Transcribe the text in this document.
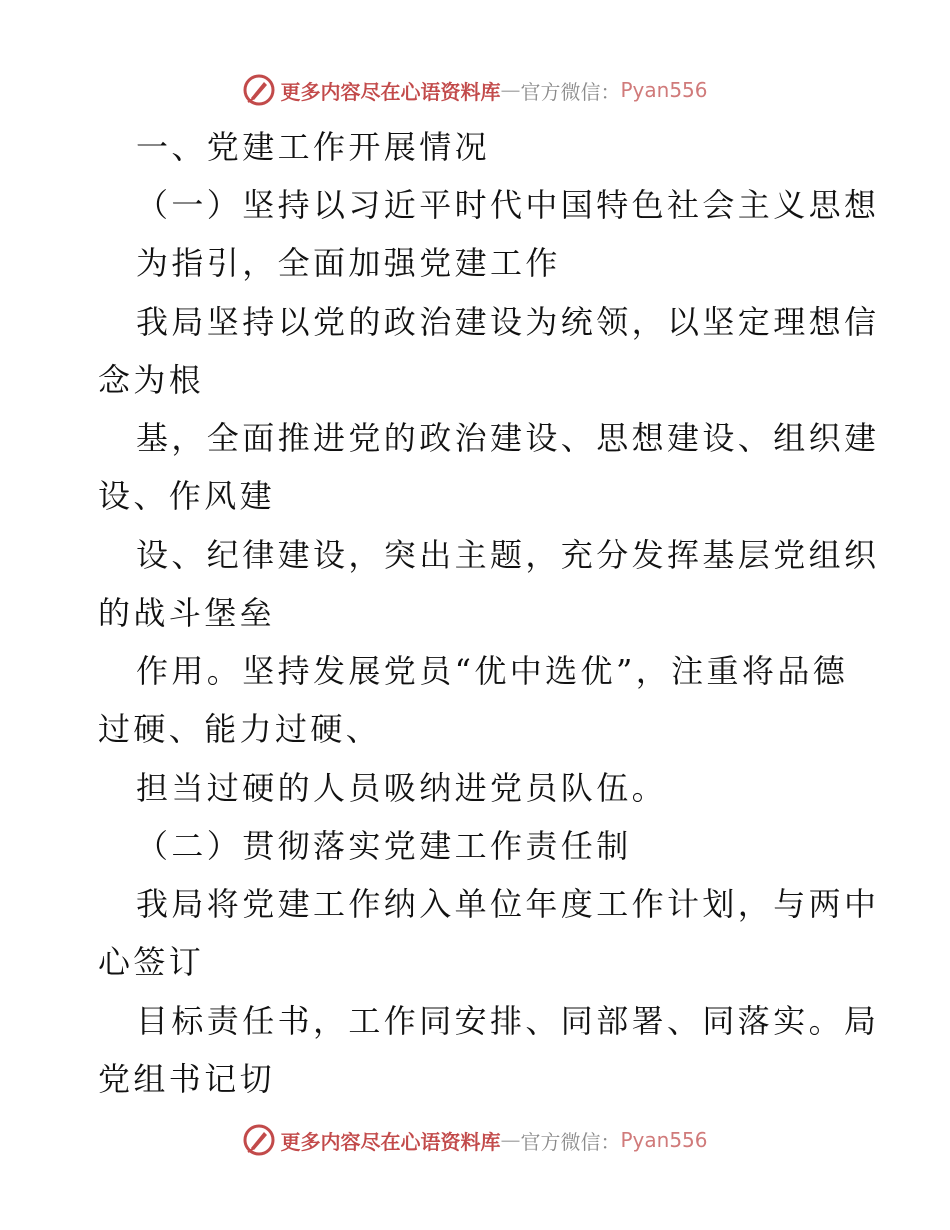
更多内容尽在心语资料库 — 官方微信： Pyan556
一、党建工作开展情况
（一）坚持以习近平时代中国特色社会主义思想
为指引，全面加强党建工作
我局坚持以党的政治建设为统领，以坚定理想信
念为根
基，全面推进党的政治建设、思想建设、组织建
设、作风建
设、纪律建设，突出主题，充分发挥基层党组织
的战斗堡垒
作用。坚持发展党员“优中选优”，注重将品德
过硬、能力过硬、
担当过硬的人员吸纳进党员队伍。
（二）贯彻落实党建工作责任制
我局将党建工作纳入单位年度工作计划，与两中
心签订
目标责任书，工作同安排、同部署、同落实。局
党组书记切
更多内容尽在心语资料库 — 官方微信： Pyan556
